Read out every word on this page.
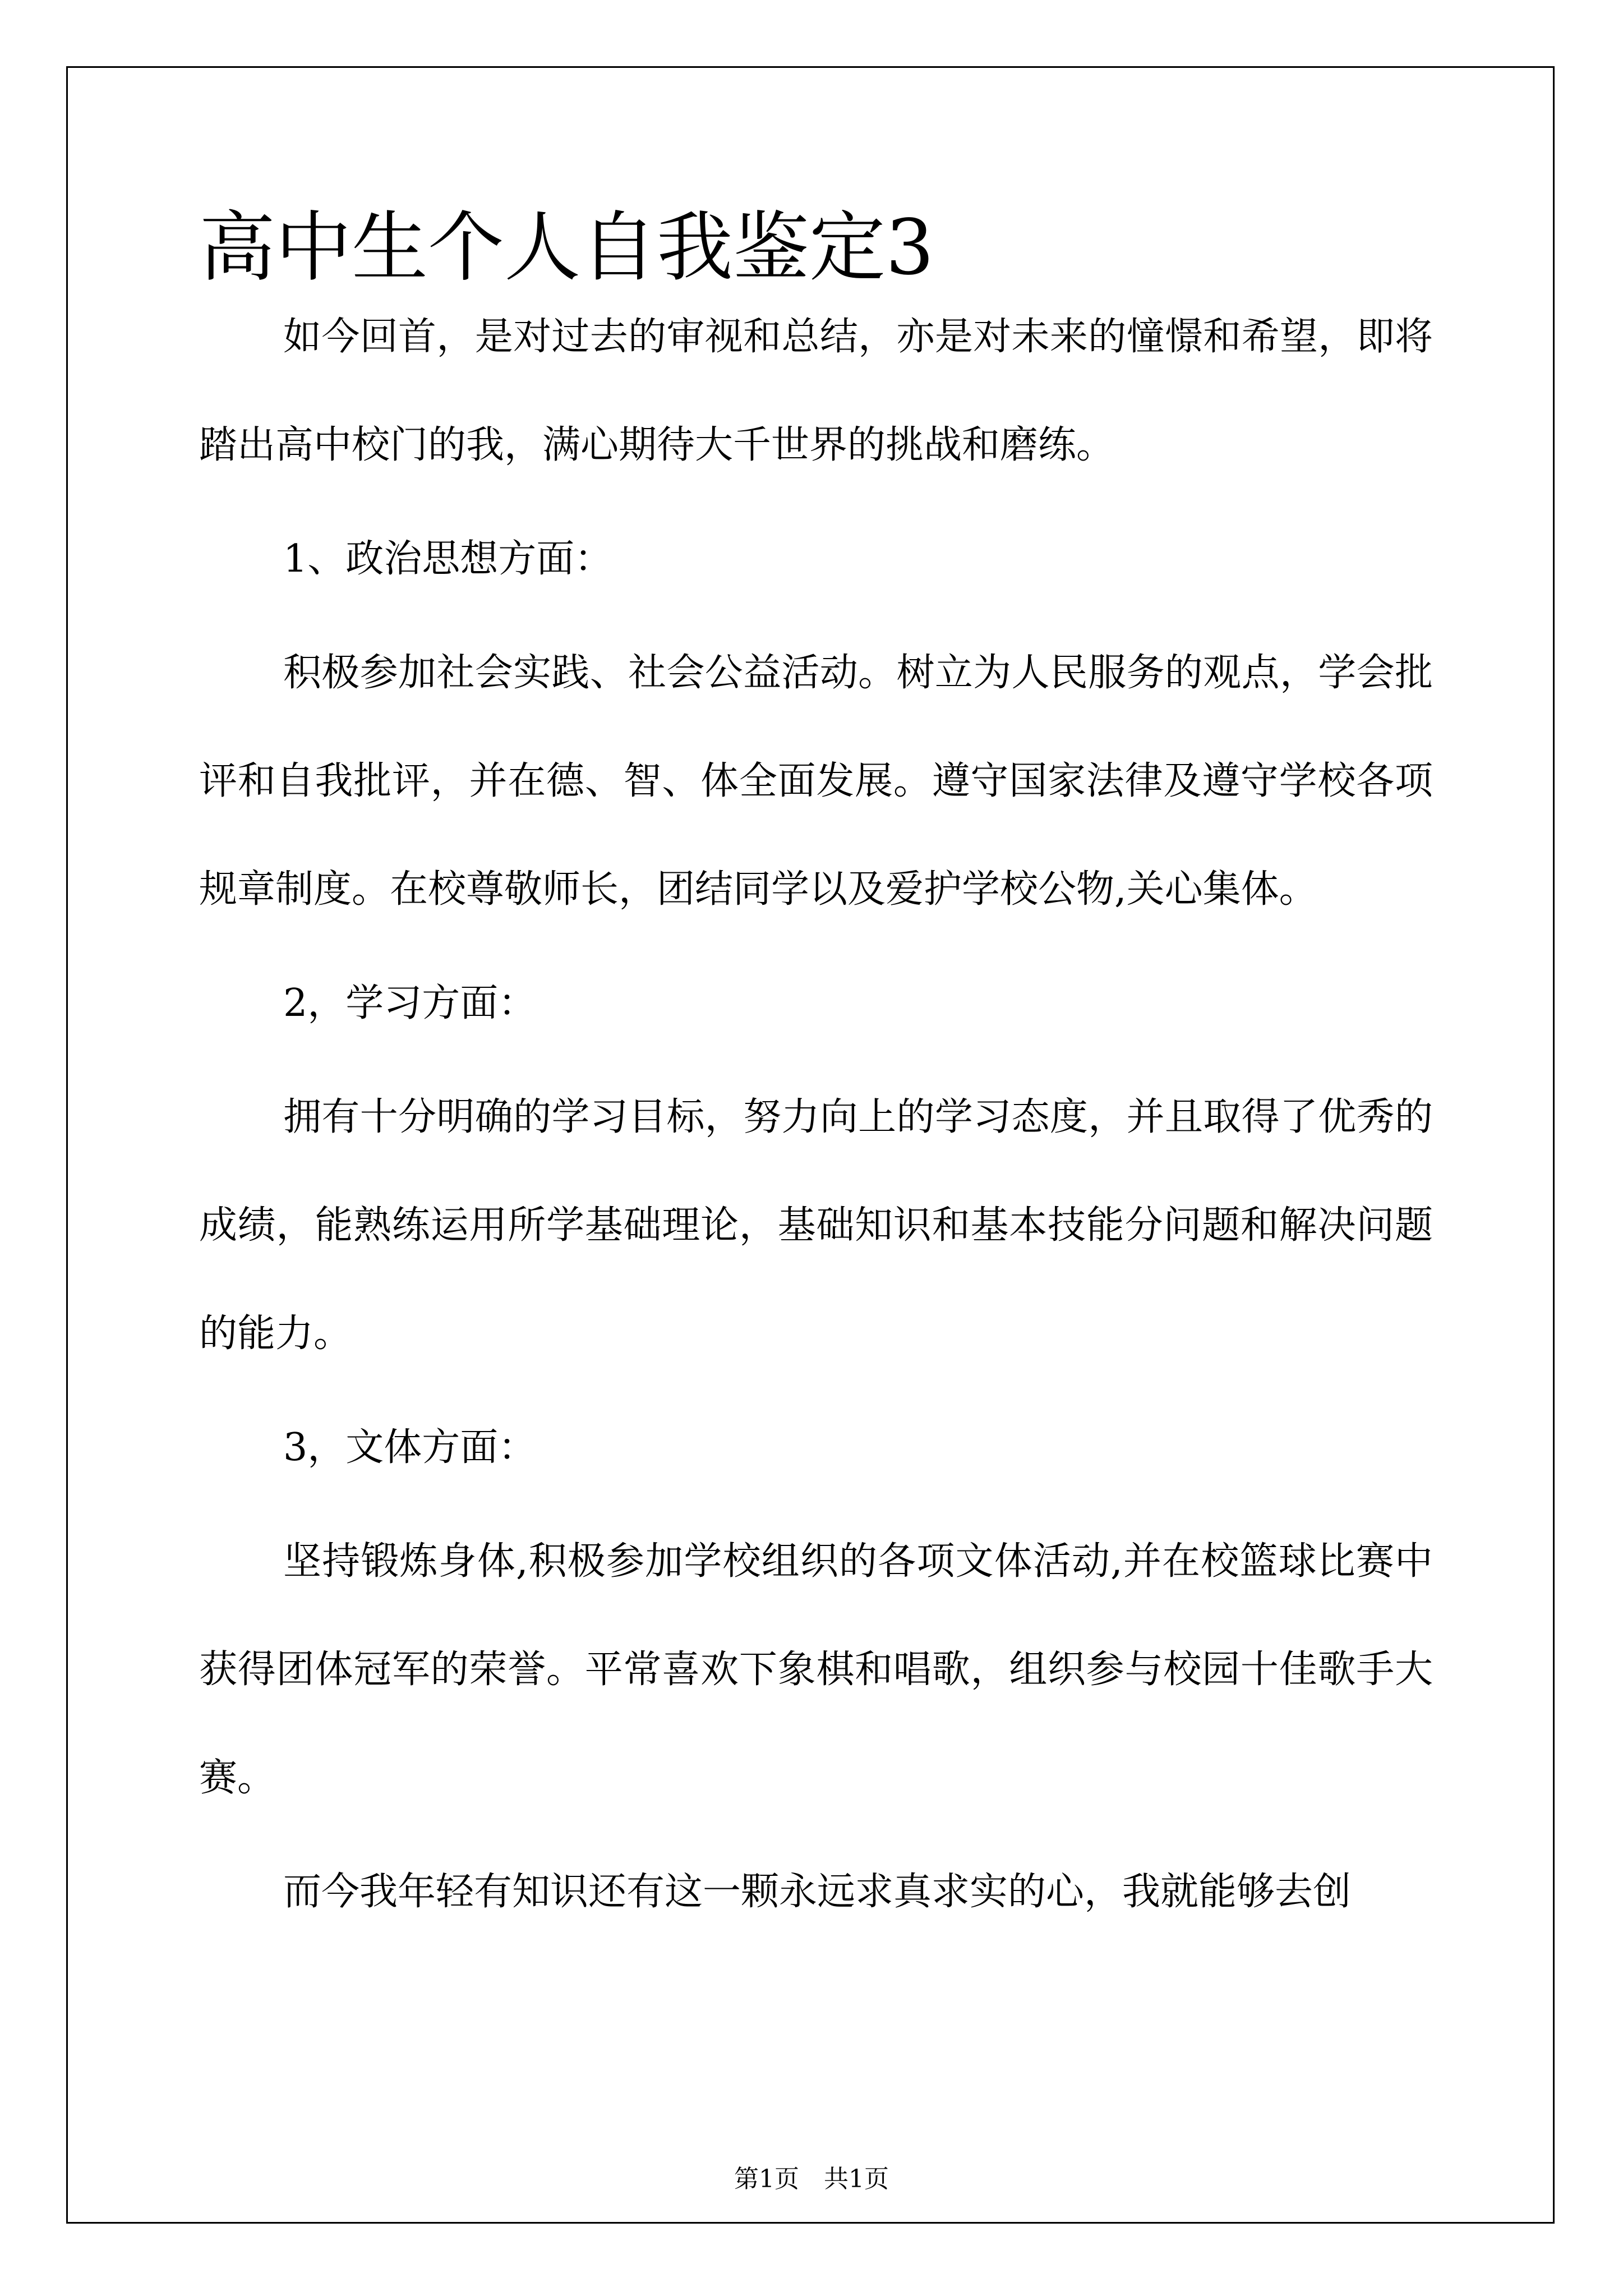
高中生个人自我鉴定3

如今回首，是对过去的审视和总结，亦是对未来的憧憬和希望，即将踏出高中校门的我，满心期待大千世界的挑战和磨练。

1、政治思想方面：

积极参加社会实践、社会公益活动。树立为人民服务的观点，学会批评和自我批评，并在德、智、体全面发展。遵守国家法律及遵守学校各项规章制度。在校尊敬师长，团结同学以及爱护学校公物,关心集体。

2，学习方面：

拥有十分明确的学习目标，努力向上的学习态度，并且取得了优秀的成绩，能熟练运用所学基础理论，基础知识和基本技能分问题和解决问题的能力。

3，文体方面：

坚持锻炼身体,积极参加学校组织的各项文体活动,并在校篮球比赛中获得团体冠军的荣誉。平常喜欢下象棋和唱歌，组织参与校园十佳歌手大赛。

而今我年轻有知识还有这一颗永远求真求实的心，我就能够去创

第1页　共1页
